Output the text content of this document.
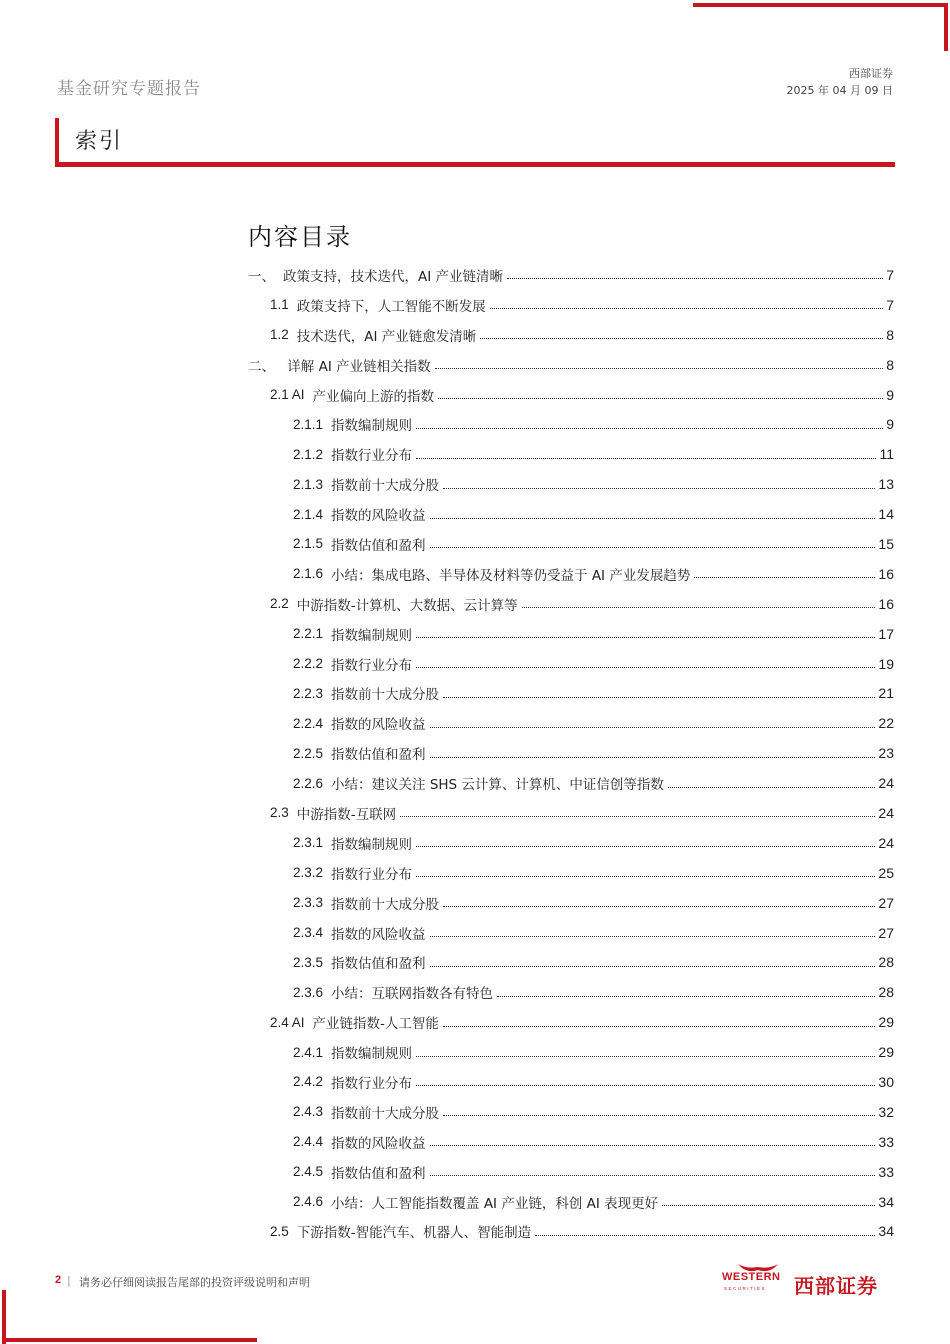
基金研究专题报告
西部证券
2025 年 04 月 09 日
索引
内容目录
一、 政策支持，技术迭代，AI 产业链清晰	7
1.1 政策支持下，人工智能不断发展	7
1.2 技术迭代，AI 产业链愈发清晰	8
二、 详解 AI 产业链相关指数	8
2.1 AI 产业偏向上游的指数	9
2.1.1 指数编制规则	9
2.1.2 指数行业分布	11
2.1.3 指数前十大成分股	13
2.1.4 指数的风险收益	14
2.1.5 指数估值和盈利	15
2.1.6 小结：集成电路、半导体及材料等仍受益于 AI 产业发展趋势	16
2.2 中游指数-计算机、大数据、云计算等	16
2.2.1 指数编制规则	17
2.2.2 指数行业分布	19
2.2.3 指数前十大成分股	21
2.2.4 指数的风险收益	22
2.2.5 指数估值和盈利	23
2.2.6 小结：建议关注 SHS 云计算、计算机、中证信创等指数	24
2.3 中游指数-互联网	24
2.3.1 指数编制规则	24
2.3.2 指数行业分布	25
2.3.3 指数前十大成分股	27
2.3.4 指数的风险收益	27
2.3.5 指数估值和盈利	28
2.3.6 小结：互联网指数各有特色	28
2.4 AI 产业链指数-人工智能	29
2.4.1 指数编制规则	29
2.4.2 指数行业分布	30
2.4.3 指数前十大成分股	32
2.4.4 指数的风险收益	33
2.4.5 指数估值和盈利	33
2.4.6 小结：人工智能指数覆盖 AI 产业链，科创 AI 表现更好	34
2.5 下游指数-智能汽车、机器人、智能制造	34
2 | 请务必仔细阅读报告尾部的投资评级说明和声明	WESTERN
SECURITIES 西部证券
